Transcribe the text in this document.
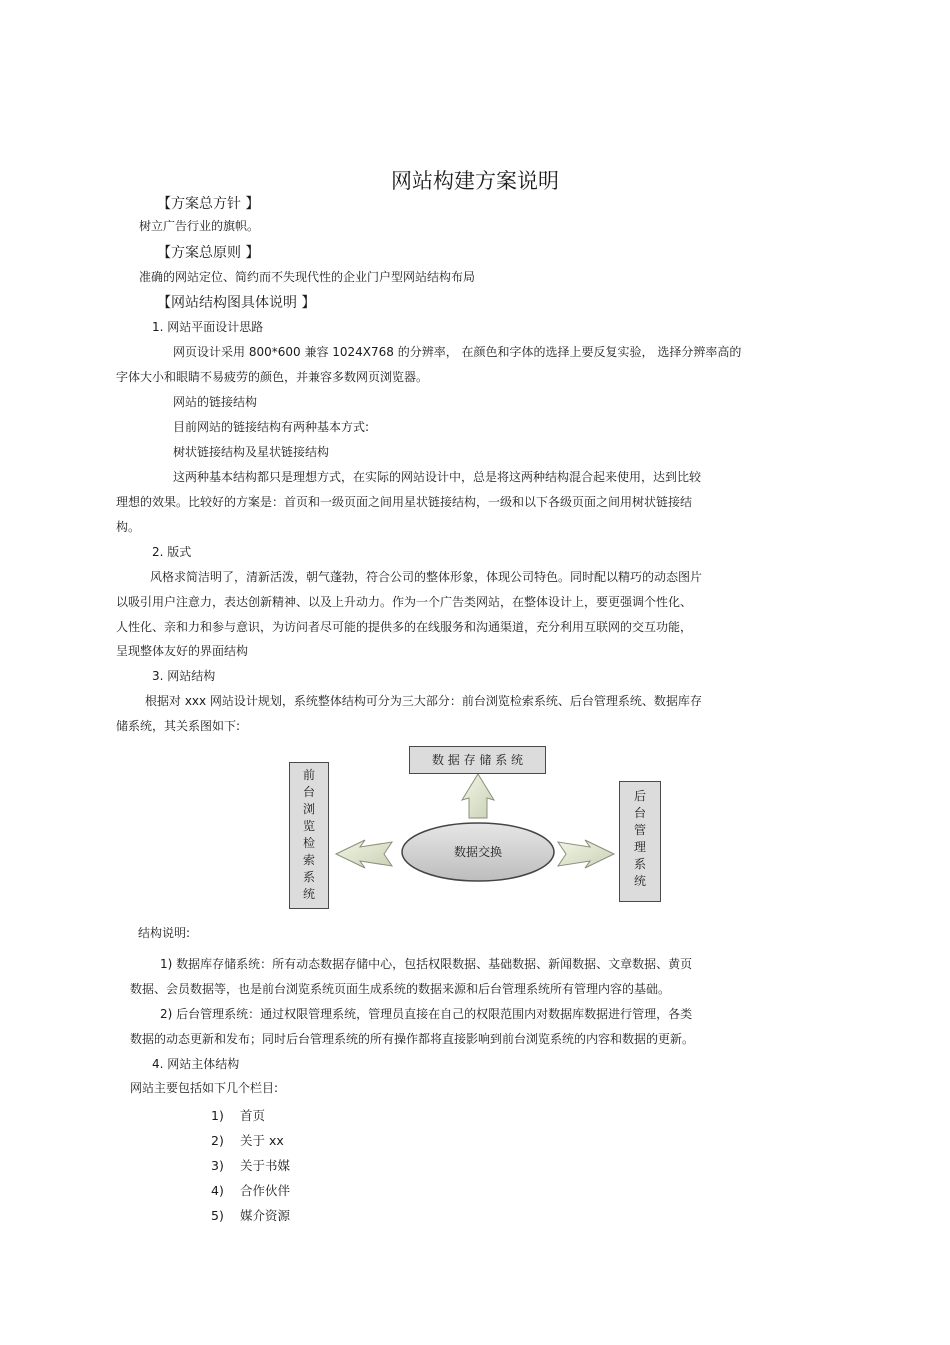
网站构建方案说明
【方案总方针 】
树立广告行业的旗帜。
【方案总原则 】
准确的网站定位、简约而不失现代性的企业门户型网站结构布局
【网站结构图具体说明 】
1. 网站平面设计思路
网页设计采用 800*600 兼容 1024X768 的分辨率， 在颜色和字体的选择上要反复实验， 选择分辨率高的
字体大小和眼睛不易疲劳的颜色，并兼容多数网页浏览器。
网站的链接结构
目前网站的链接结构有两种基本方式:
树状链接结构及星状链接结构
这两种基本结构都只是理想方式，在实际的网站设计中，总是将这两种结构混合起来使用，达到比较
理想的效果。比较好的方案是：首页和一级页面之间用星状链接结构，一级和以下各级页面之间用树状链接结
构。
2. 版式
风格求简洁明了，清新活泼，朝气蓬勃，符合公司的整体形象，体现公司特色。同时配以精巧的动态图片
以吸引用户注意力，表达创新精神、以及上升动力。作为一个广告类网站，在整体设计上，要更强调个性化、
人性化、亲和力和参与意识，为访问者尽可能的提供多的在线服务和沟通渠道，充分利用互联网的交互功能，
呈现整体友好的界面结构
3. 网站结构
根据对 xxx 网站设计规划，系统整体结构可分为三大部分：前台浏览检索系统、后台管理系统、数据库存
储系统，其关系图如下:
数 据 存 储 系 统
前
台
浏
览
检
索
系
统
后
台
管
理
系
统
数据交换
结构说明:
1) 数据库存储系统：所有动态数据存储中心，包括权限数据、基础数据、新闻数据、文章数据、黄页
数据、会员数据等，也是前台浏览系统页面生成系统的数据来源和后台管理系统所有管理内容的基础。
2) 后台管理系统：通过权限管理系统，管理员直接在自己的权限范围内对数据库数据进行管理，各类
数据的动态更新和发布；同时后台管理系统的所有操作都将直接影响到前台浏览系统的内容和数据的更新。
4. 网站主体结构
网站主要包括如下几个栏目:
1) 首页
2) 关于 xx
3) 关于书媒
4) 合作伙伴
5) 媒介资源
